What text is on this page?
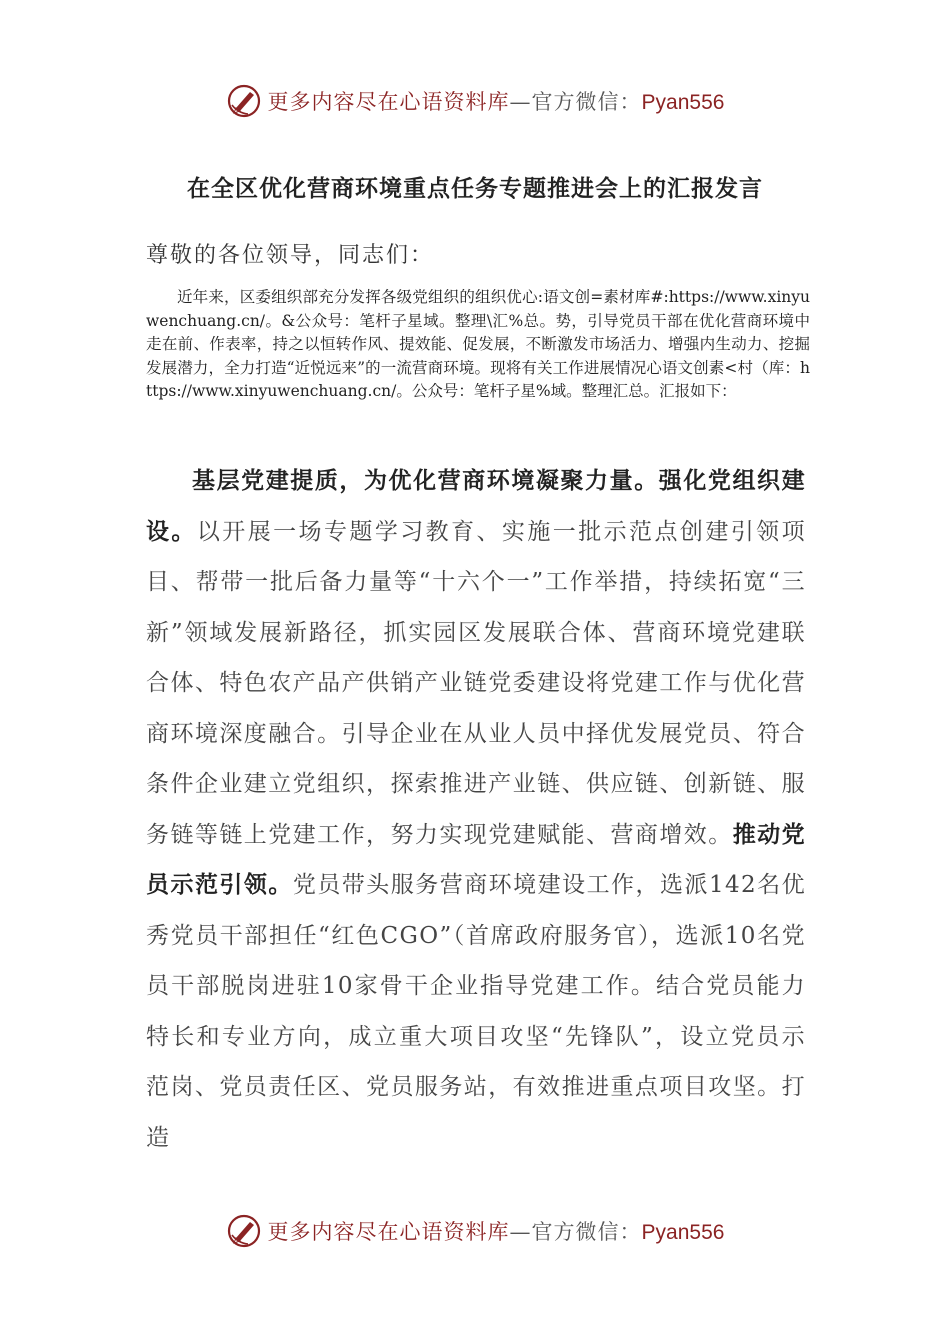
更多内容尽在心语资料库—官方微信：Pyan556
在全区优化营商环境重点任务专题推进会上的汇报发言
尊敬的各位领导，同志们：
近年来，区委组织部充分发挥各级党组织的组织优心:语文创=素材库#:https://www.xinyuwenchuang.cn/。&公众号：笔杆子星域。整理\汇%总。势，引导党员干部在优化营商环境中走在前、作表率，持之以恒转作风、提效能、促发展，不断激发市场活力、增强内生动力、挖掘发展潜力，全力打造“近悦远来”的一流营商环境。现将有关工作进展情况心语文创素<村（库：https://www.xinyuwenchuang.cn/。公众号：笔杆子星%域。整理汇总。汇报如下：
基层党建提质，为优化营商环境凝聚力量。强化党组织建设。以开展一场专题学习教育、实施一批示范点创建引领项目、帮带一批后备力量等“十六个一”工作举措，持续拓宽“三新”领域发展新路径，抓实园区发展联合体、营商环境党建联合体、特色农产品产供销产业链党委建设将党建工作与优化营商环境深度融合。引导企业在从业人员中择优发展党员、符合条件企业建立党组织，探索推进产业链、供应链、创新链、服务链等链上党建工作，努力实现党建赋能、营商增效。推动党员示范引领。党员带头服务营商环境建设工作，选派142名优秀党员干部担任“红色CGO”（首席政府服务官），选派10名党员干部脱岗进驻10家骨干企业指导党建工作。结合党员能力特长和专业方向，成立重大项目攻坚“先锋队”，设立党员示范岗、党员责任区、党员服务站，有效推进重点项目攻坚。打造
更多内容尽在心语资料库—官方微信：Pyan556
